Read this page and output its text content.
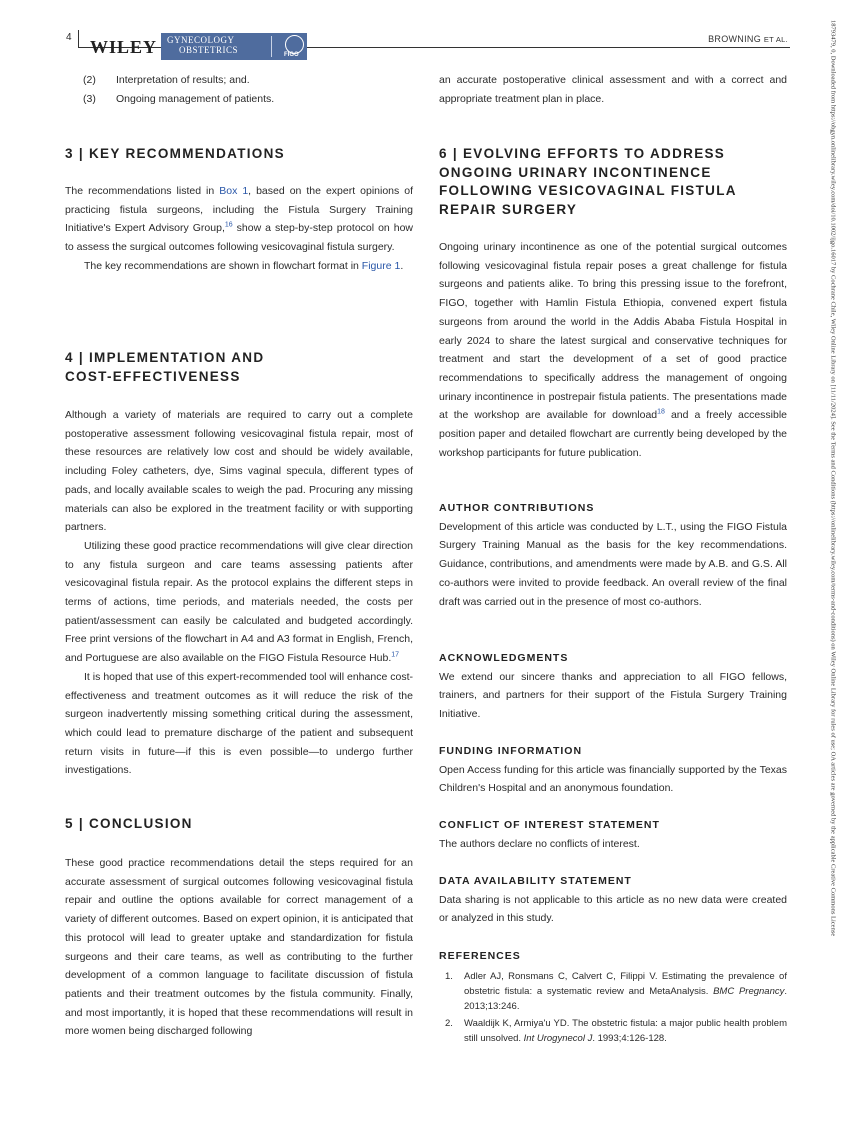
4 WILEY GYNECOLOGY
OBSTETRICS	FIGO
BROWNING ET AL.
(2)	Interpretation of results; and.
(3)	Ongoing management of patients.
3 | KEY RECOMMENDATIONS

The recommendations listed in Box 1, based on the expert opinions of practicing fistula surgeons, including the Fistula Surgery Training Initiative's Expert Advisory Group,$^{16}$ show a step-by-step protocol on how to assess the surgical outcomes following vesicovaginal fistula surgery.

The key recommendations are shown in flowchart format in Figure 1.

4 | IMPLEMENTATION AND
COST-EFFECTIVENESS

Although a variety of materials are required to carry out a complete postoperative assessment following vesicovaginal fistula repair, most of these resources are relatively low cost and should be widely available, including Foley catheters, dye, Sims vaginal specula, different types of pads, and locally available scales to weigh the pad. Procuring any missing materials can also be explored in the treatment facility or with supporting partners.

Utilizing these good practice recommendations will give clear direction to any fistula surgeon and care teams assessing patients after vesicovaginal fistula repair. As the protocol explains the different steps in terms of actions, time periods, and materials needed, the costs per patient/assessment can easily be calculated and budgeted accordingly. Free print versions of the flowchart in A4 and A3 format in English, French, and Portuguese are also available on the FIGO Fistula Resource Hub.$^{17}$

It is hoped that use of this expert-recommended tool will enhance cost-effectiveness and treatment outcomes as it will reduce the risk of the surgeon inadvertently missing something critical during the assessment, which could lead to premature discharge of the patient and subsequent return visits in future—if this is even possible—to undergo further investigations.

5 | CONCLUSION

These good practice recommendations detail the steps required for an accurate assessment of surgical outcomes following vesicovaginal fistula repair and outline the options available for correct management of a variety of different outcomes. Based on expert opinion, it is anticipated that this protocol will lead to greater uptake and standardization for fistula surgeons and their care teams, as well as contributing to the further development of a common language to facilitate discussion of fistula patients and their treatment outcomes by the fistula community. Finally, and most importantly, it is hoped that these recommendations will result in more women being discharged following

an accurate postoperative clinical assessment and with a correct and appropriate treatment plan in place.

6 | EVOLVING EFFORTS TO ADDRESS
ONGOING URINARY INCONTINENCE
FOLLOWING VESICOVAGINAL FISTULA
REPAIR SURGERY

Ongoing urinary incontinence as one of the potential surgical outcomes following vesicovaginal fistula repair poses a great challenge for fistula surgeons and patients alike. To bring this pressing issue to the forefront, FIGO, together with Hamlin Fistula Ethiopia, convened expert fistula surgeons from around the world in the Addis Ababa Fistula Hospital in early 2024 to share the latest surgical and conservative techniques for treatment and start the development of a set of good practice recommendations to specifically address the management of ongoing urinary incontinence in postrepair fistula patients. The presentations made at the workshop are available for download$^{18}$ and a freely accessible position paper and detailed flowchart are currently being developed by the workshop participants for future publication.

AUTHOR CONTRIBUTIONS

Development of this article was conducted by L.T., using the FIGO Fistula Surgery Training Manual as the basis for the key recommendations. Guidance, contributions, and amendments were made by A.B. and G.S. All co-authors were invited to provide feedback. An overall review of the final draft was carried out in the presence of most co-authors.

ACKNOWLEDGMENTS

We extend our sincere thanks and appreciation to all FIGO fellows, trainers, and partners for their support of the Fistula Surgery Training Initiative.

FUNDING INFORMATION

Open Access funding for this article was financially supported by the Texas Children's Hospital and an anonymous foundation.

CONFLICT OF INTEREST STATEMENT

The authors declare no conflicts of interest.

DATA AVAILABILITY STATEMENT

Data sharing is not applicable to this article as no new data were created or analyzed in this study.

REFERENCES

1.	Adler AJ, Ronsmans C, Calvert C, Filippi V. Estimating the prevalence of obstetric fistula: a systematic review and MetaAnalysis. BMC Pregnancy. 2013;13:246.
2.	Waaldijk K, Armiya'u YD. The obstetric fistula: a major public health problem still unsolved. Int Urogynecol J. 1993;4:126-128.
18793479, 0, Downloaded from https://obgyn.onlinelibrary.wiley.com/doi/10.1002/ijgo.16017 by Cochrane Chile, Wiley Online Library on [11/11/2024]. See the Terms and Conditions (https://onlinelibrary.wiley.com/terms-and-conditions) on Wiley Online Library for rules of use; OA articles are governed by the applicable Creative Commons License
